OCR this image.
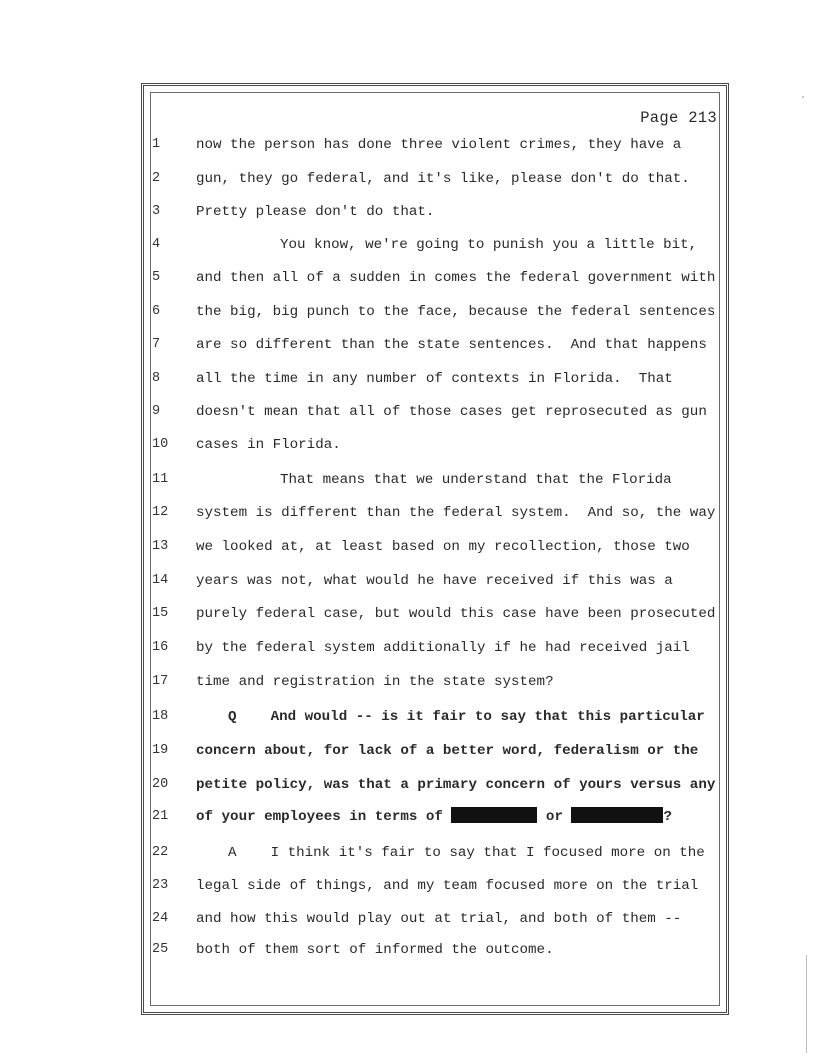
Page 213
1	now the person has done three violent crimes, they have a
2	gun, they go federal, and it's like, please don't do that.
3	Pretty please don't do that.
4	You know, we're going to punish you a little bit,
5	and then all of a sudden in comes the federal government with
6	the big, big punch to the face, because the federal sentences
7	are so different than the state sentences.  And that happens
8	all the time in any number of contexts in Florida.  That
9	doesn't mean that all of those cases get reprosecuted as gun
10	cases in Florida.
11	That means that we understand that the Florida
12	system is different than the federal system.  And so, the way
13	we looked at, at least based on my recollection, those two
14	years was not, what would he have received if this was a
15	purely federal case, but would this case have been prosecuted
16	by the federal system additionally if he had received jail
17	time and registration in the state system?
18	Q And would -- is it fair to say that this particular
19	concern about, for lack of a better word, federalism or the
20	petite policy, was that a primary concern of yours versus any
21	of your employees in terms of	or	?
22	A I think it's fair to say that I focused more on the
23	legal side of things, and my team focused more on the trial
24	and how this would play out at trial, and both of them --
25	both of them sort of informed the outcome.
